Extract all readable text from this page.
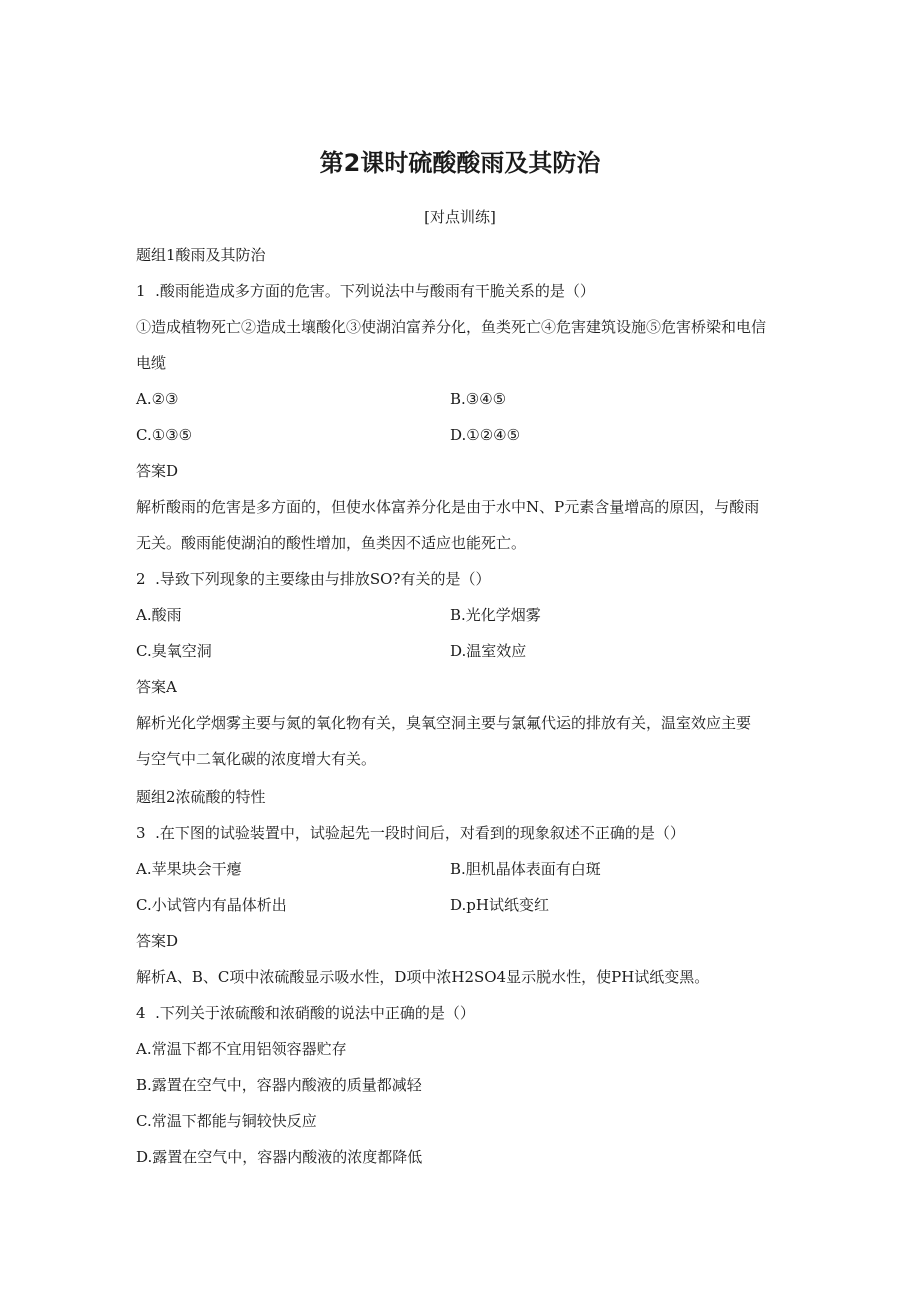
第2课时硫酸酸雨及其防治
[对点训练]
题组1酸雨及其防治
1	.酸雨能造成多方面的危害。下列说法中与酸雨有干脆关系的是（）
①造成植物死亡②造成土壤酸化③使湖泊富养分化，鱼类死亡④危害建筑设施⑤危害桥梁和电信
电缆
A.②③	B.③④⑤
C.①③⑤	D.①②④⑤
答案D
解析酸雨的危害是多方面的，但使水体富养分化是由于水中N、P元素含量增高的原因，与酸雨
无关。酸雨能使湖泊的酸性增加，鱼类因不适应也能死亡。
2	.导致下列现象的主要缘由与排放SO?有关的是（）
A.酸雨	B.光化学烟雾
C.臭氧空洞	D.温室效应
答案A
解析光化学烟雾主要与氮的氧化物有关，臭氧空洞主要与氯氟代运的排放有关，温室效应主要
与空气中二氧化碳的浓度增大有关。
题组2浓硫酸的特性
3	.在下图的试验装置中，试验起先一段时间后，对看到的现象叙述不正确的是（）
A.苹果块会干瘪	B.胆机晶体表面有白斑
C.小试管内有晶体析出	D.pH试纸变红
答案D
解析A、B、C项中浓硫酸显示吸水性，D项中浓H2SO4显示脱水性，使PH试纸变黑。
4	.下列关于浓硫酸和浓硝酸的说法中正确的是（）
A.常温下都不宜用铝领容器贮存
B.露置在空气中，容器内酸液的质量都减轻
C.常温下都能与铜较快反应
D.露置在空气中，容器内酸液的浓度都降低
